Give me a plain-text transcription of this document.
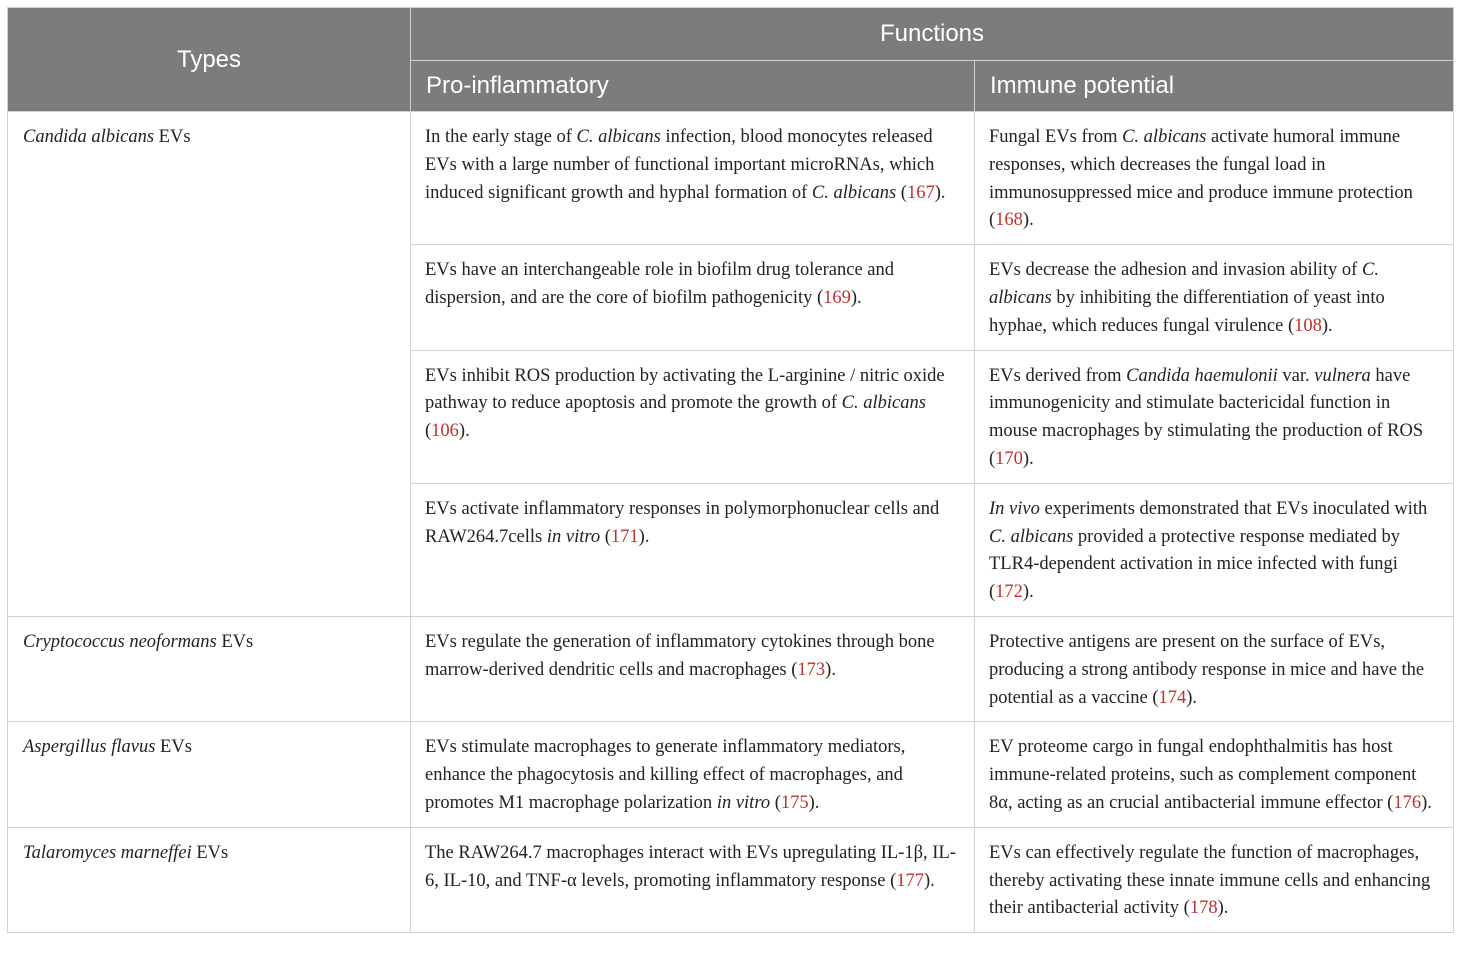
Types	Functions	
	Pro-inflammatory	Immune potential
Candida albicans EVs	In the early stage of C. albicans infection, blood monocytes released EVs with a large number of functional important microRNAs, which induced significant growth and hyphal formation of C. albicans (167).	Fungal EVs from C. albicans activate humoral immune responses, which decreases the fungal load in immunosuppressed mice and produce immune protection (168).
	EVs have an interchangeable role in biofilm drug tolerance and dispersion, and are the core of biofilm pathogenicity (169).	EVs decrease the adhesion and invasion ability of C. albicans by inhibiting the differentiation of yeast into hyphae, which reduces fungal virulence (108).
	EVs inhibit ROS production by activating the L-arginine / nitric oxide pathway to reduce apoptosis and promote the growth of C. albicans (106).	EVs derived from Candida haemulonii var. vulnera have immunogenicity and stimulate bactericidal function in mouse macrophages by stimulating the production of ROS (170).
	EVs activate inflammatory responses in polymorphonuclear cells and RAW264.7cells in vitro (171).	In vivo experiments demonstrated that EVs inoculated with C. albicans provided a protective response mediated by TLR4-dependent activation in mice infected with fungi (172).
Cryptococcus neoformans EVs	EVs regulate the generation of inflammatory cytokines through bone marrow-derived dendritic cells and macrophages (173).	Protective antigens are present on the surface of EVs, producing a strong antibody response in mice and have the potential as a vaccine (174).
Aspergillus flavus EVs	EVs stimulate macrophages to generate inflammatory mediators, enhance the phagocytosis and killing effect of macrophages, and promotes M1 macrophage polarization in vitro (175).	EV proteome cargo in fungal endophthalmitis has host immune-related proteins, such as complement component 8α, acting as an crucial antibacterial immune effector (176).
Talaromyces marneffei EVs	The RAW264.7 macrophages interact with EVs upregulating IL-1β, IL-6, IL-10, and TNF-α levels, promoting inflammatory response (177).	EVs can effectively regulate the function of macrophages, thereby activating these innate immune cells and enhancing their antibacterial activity (178).
